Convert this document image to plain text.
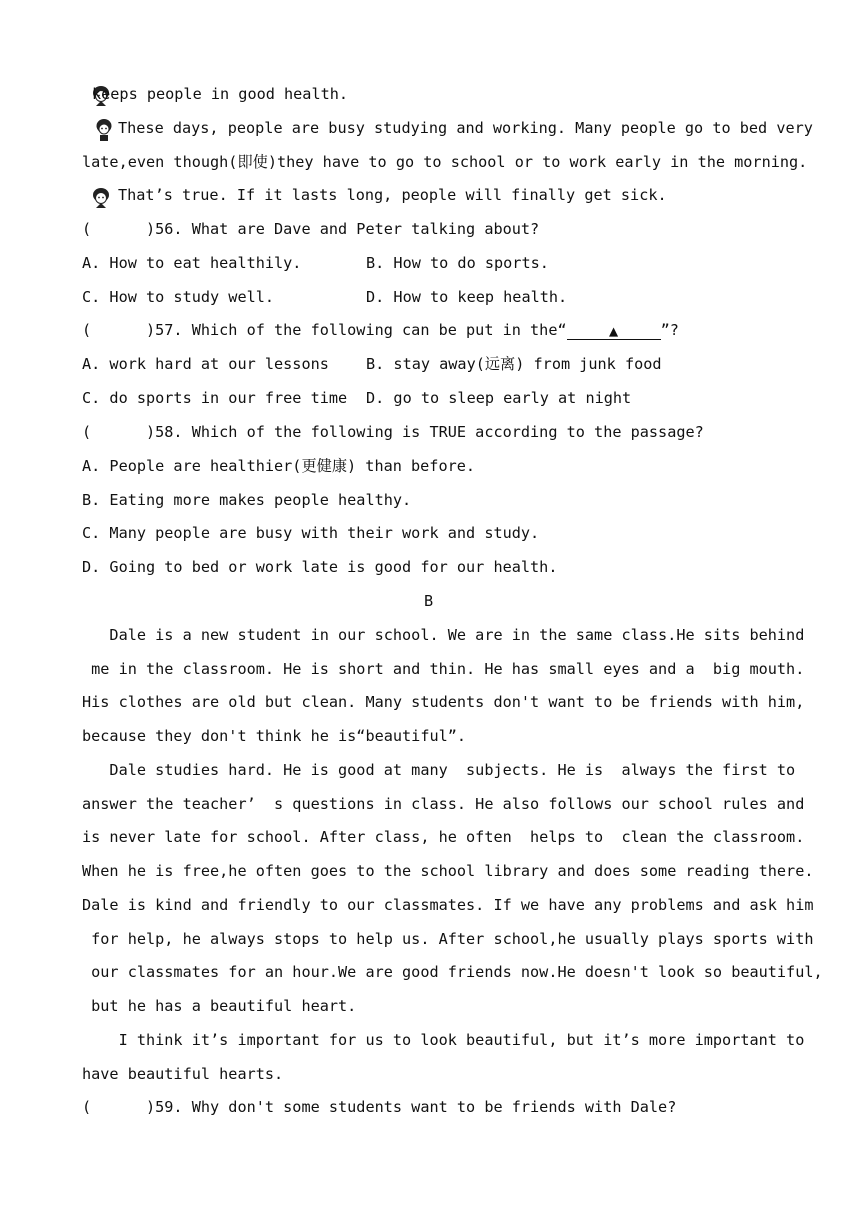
keeps people in good health.
These days, people are busy studying and working. Many people go to bed very
late,even though(即使)they have to go to school or to work early in the morning.
That’s true. If it lasts long, people will finally get sick.
(      )56. What are Dave and Peter talking about?
A. How to eat healthily.	B. How to do sports.
C. How to study well.	D. How to keep health.
(      )57. Which of the following can be put in the“	▲	”?
A. work hard at our lessons B. stay away(远离) from junk food
C. do sports in our free time D. go to sleep early at night
(      )58. Which of the following is TRUE according to the passage?
A. People are healthier(更健康) than before.
B. Eating more makes people healthy.
C. Many people are busy with their work and study.
D. Going to bed or work late is good for our health.
B
Dale is a new student in our school. We are in the same class.He sits behind
me in the classroom. He is short and thin. He has small eyes and a  big mouth.
His clothes are old but clean. Many students don't want to be friends with him,
because they don't think he is“beautiful”.
Dale studies hard. He is good at many  subjects. He is  always the first to
answer the teacher’  s questions in class. He also follows our school rules and
is never late for school. After class, he often  helps to  clean the classroom.
When he is free,he often goes to the school library and does some reading there.
Dale is kind and friendly to our classmates. If we have any problems and ask him
for help, he always stops to help us. After school,he usually plays sports with
our classmates for an hour.We are good friends now.He doesn't look so beautiful,
but he has a beautiful heart.
I think it’s important for us to look beautiful, but it’s more important to
have beautiful hearts.
(      )59. Why don't some students want to be friends with Dale?
